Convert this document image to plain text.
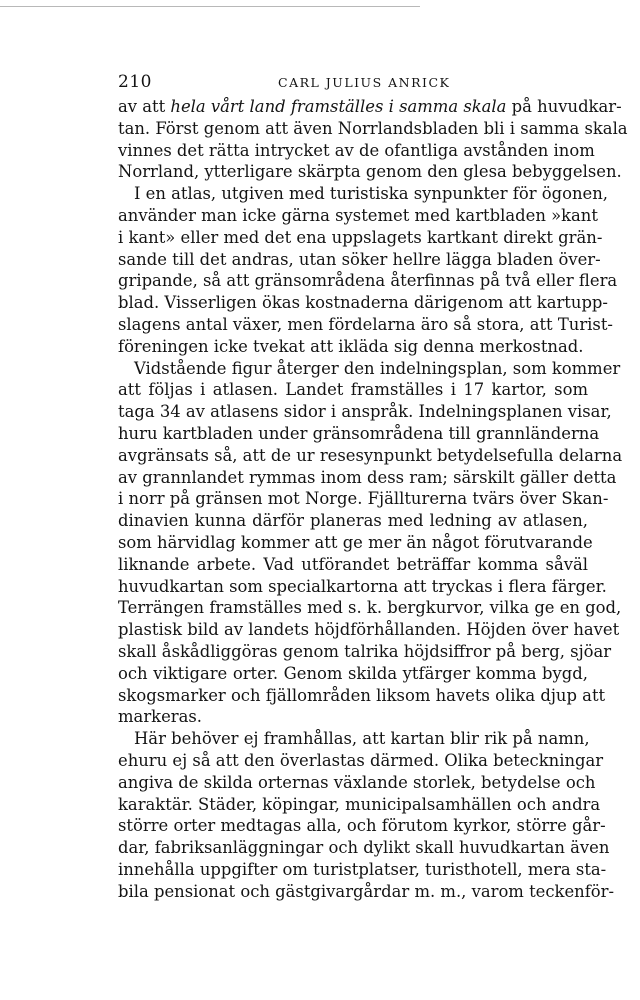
210	CARL JULIUS ANRICK
av att hela vårt land framställes i samma skala på huvudkar-
tan. Först genom att även Norrlandsbladen bli i samma skala
vinnes det rätta intrycket av de ofantliga avstånden inom
Norrland, ytterligare skärpta genom den glesa bebyggelsen.
I en atlas, utgiven med turistiska synpunkter för ögonen,
använder man icke gärna systemet med kartbladen »kant
i kant» eller med det ena uppslagets kartkant direkt grän-
sande till det andras, utan söker hellre lägga bladen över-
gripande, så att gränsområdena återfinnas på två eller flera
blad. Visserligen ökas kostnaderna därigenom att kartupp-
slagens antal växer, men fördelarna äro så stora, att Turist-
föreningen icke tvekat att ikläda sig denna merkostnad.
Vidstående figur återger den indelningsplan, som kommer
att följas i atlasen. Landet framställes i 17 kartor, som
taga 34 av atlasens sidor i anspråk. Indelningsplanen visar,
huru kartbladen under gränsområdena till grannländerna
avgränsats så, att de ur resesynpunkt betydelsefulla delarna
av grannlandet rymmas inom dess ram; särskilt gäller detta
i norr på gränsen mot Norge. Fjällturerna tvärs över Skan-
dinavien kunna därför planeras med ledning av atlasen,
som härvidlag kommer att ge mer än något förutvarande
liknande arbete. Vad utförandet beträffar komma såväl
huvudkartan som specialkartorna att tryckas i flera färger.
Terrängen framställes med s. k. bergkurvor, vilka ge en god,
plastisk bild av landets höjdförhållanden. Höjden över havet
skall åskådliggöras genom talrika höjdsiffror på berg, sjöar
och viktigare orter. Genom skilda ytfärger komma bygd,
skogsmarker och fjällområden liksom havets olika djup att
markeras.
Här behöver ej framhållas, att kartan blir rik på namn,
ehuru ej så att den överlastas därmed. Olika beteckningar
angiva de skilda orternas växlande storlek, betydelse och
karaktär. Städer, köpingar, municipalsamhällen och andra
större orter medtagas alla, och förutom kyrkor, större går-
dar, fabriksanläggningar och dylikt skall huvudkartan även
innehålla uppgifter om turistplatser, turisthotell, mera sta-
bila pensionat och gästgivargårdar m. m., varom teckenför-
